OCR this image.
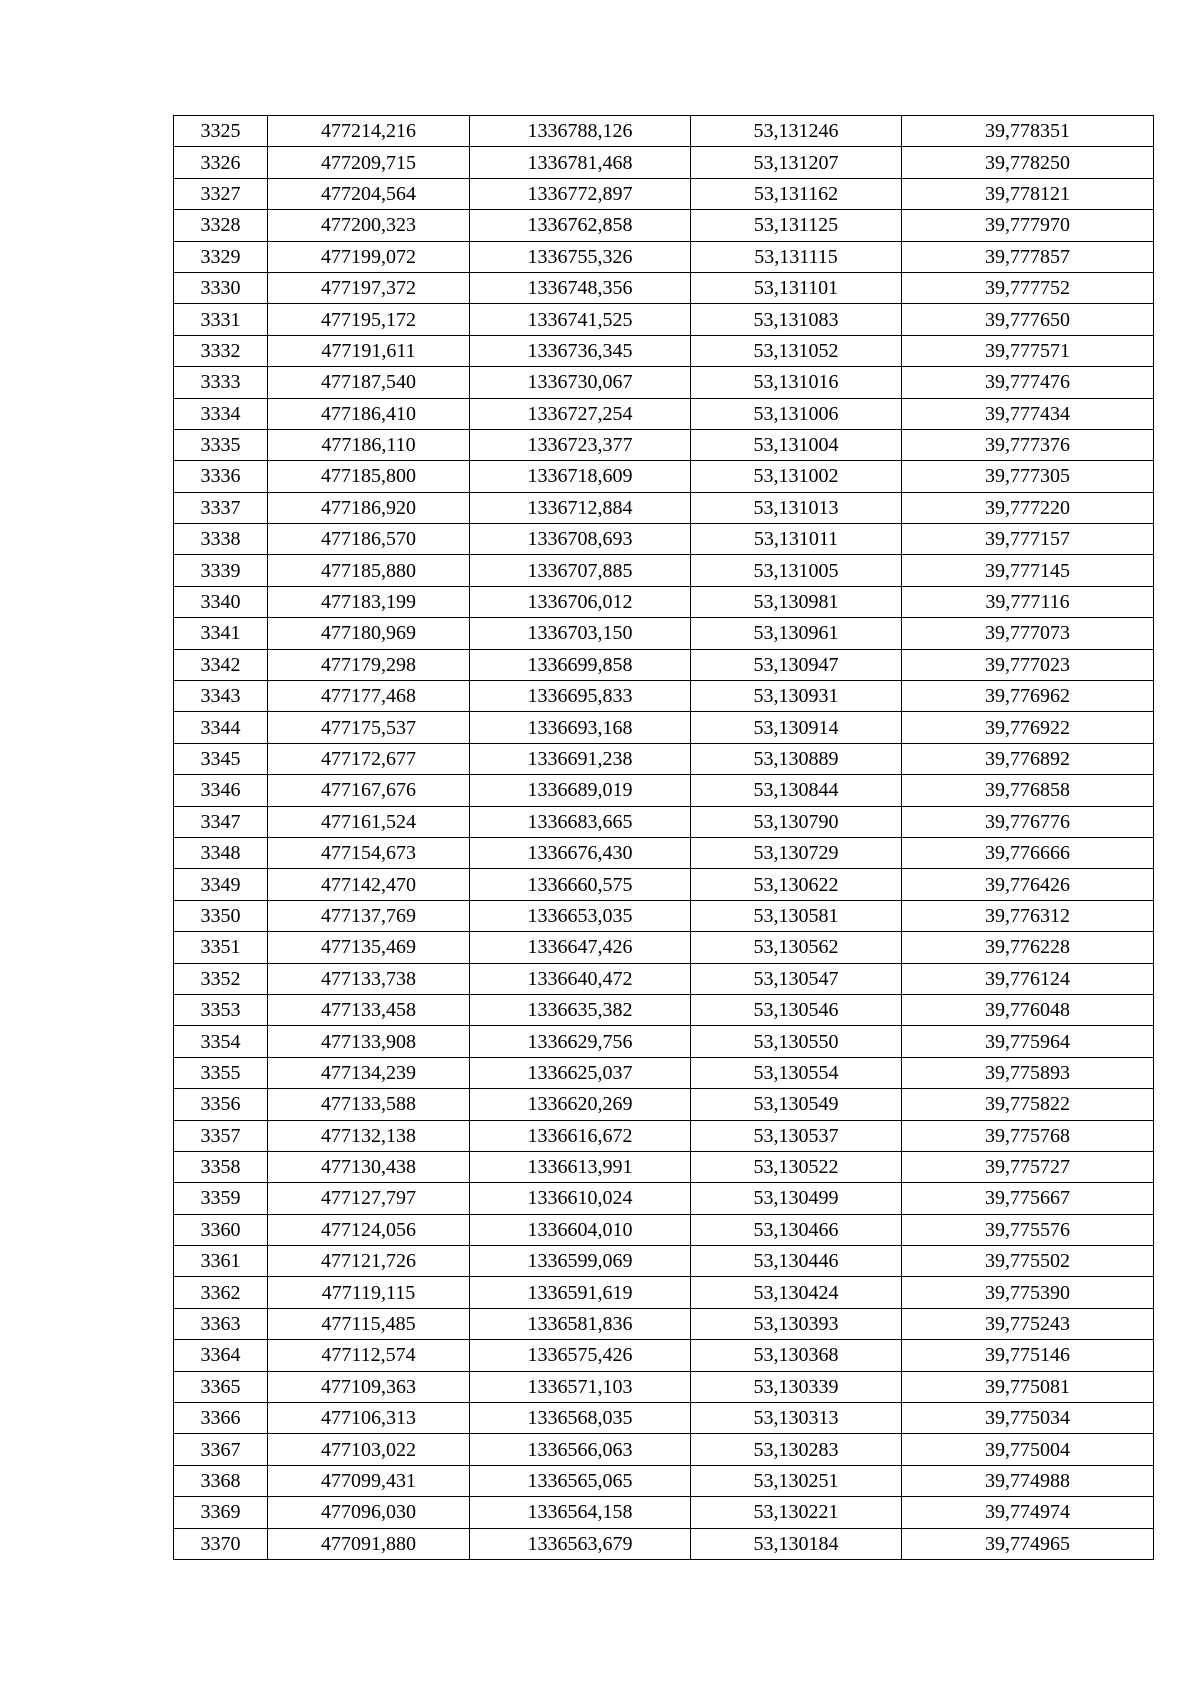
3325	477214,216	1336788,126	53,131246	39,778351
3326	477209,715	1336781,468	53,131207	39,778250
3327	477204,564	1336772,897	53,131162	39,778121
3328	477200,323	1336762,858	53,131125	39,777970
3329	477199,072	1336755,326	53,131115	39,777857
3330	477197,372	1336748,356	53,131101	39,777752
3331	477195,172	1336741,525	53,131083	39,777650
3332	477191,611	1336736,345	53,131052	39,777571
3333	477187,540	1336730,067	53,131016	39,777476
3334	477186,410	1336727,254	53,131006	39,777434
3335	477186,110	1336723,377	53,131004	39,777376
3336	477185,800	1336718,609	53,131002	39,777305
3337	477186,920	1336712,884	53,131013	39,777220
3338	477186,570	1336708,693	53,131011	39,777157
3339	477185,880	1336707,885	53,131005	39,777145
3340	477183,199	1336706,012	53,130981	39,777116
3341	477180,969	1336703,150	53,130961	39,777073
3342	477179,298	1336699,858	53,130947	39,777023
3343	477177,468	1336695,833	53,130931	39,776962
3344	477175,537	1336693,168	53,130914	39,776922
3345	477172,677	1336691,238	53,130889	39,776892
3346	477167,676	1336689,019	53,130844	39,776858
3347	477161,524	1336683,665	53,130790	39,776776
3348	477154,673	1336676,430	53,130729	39,776666
3349	477142,470	1336660,575	53,130622	39,776426
3350	477137,769	1336653,035	53,130581	39,776312
3351	477135,469	1336647,426	53,130562	39,776228
3352	477133,738	1336640,472	53,130547	39,776124
3353	477133,458	1336635,382	53,130546	39,776048
3354	477133,908	1336629,756	53,130550	39,775964
3355	477134,239	1336625,037	53,130554	39,775893
3356	477133,588	1336620,269	53,130549	39,775822
3357	477132,138	1336616,672	53,130537	39,775768
3358	477130,438	1336613,991	53,130522	39,775727
3359	477127,797	1336610,024	53,130499	39,775667
3360	477124,056	1336604,010	53,130466	39,775576
3361	477121,726	1336599,069	53,130446	39,775502
3362	477119,115	1336591,619	53,130424	39,775390
3363	477115,485	1336581,836	53,130393	39,775243
3364	477112,574	1336575,426	53,130368	39,775146
3365	477109,363	1336571,103	53,130339	39,775081
3366	477106,313	1336568,035	53,130313	39,775034
3367	477103,022	1336566,063	53,130283	39,775004
3368	477099,431	1336565,065	53,130251	39,774988
3369	477096,030	1336564,158	53,130221	39,774974
3370	477091,880	1336563,679	53,130184	39,774965
